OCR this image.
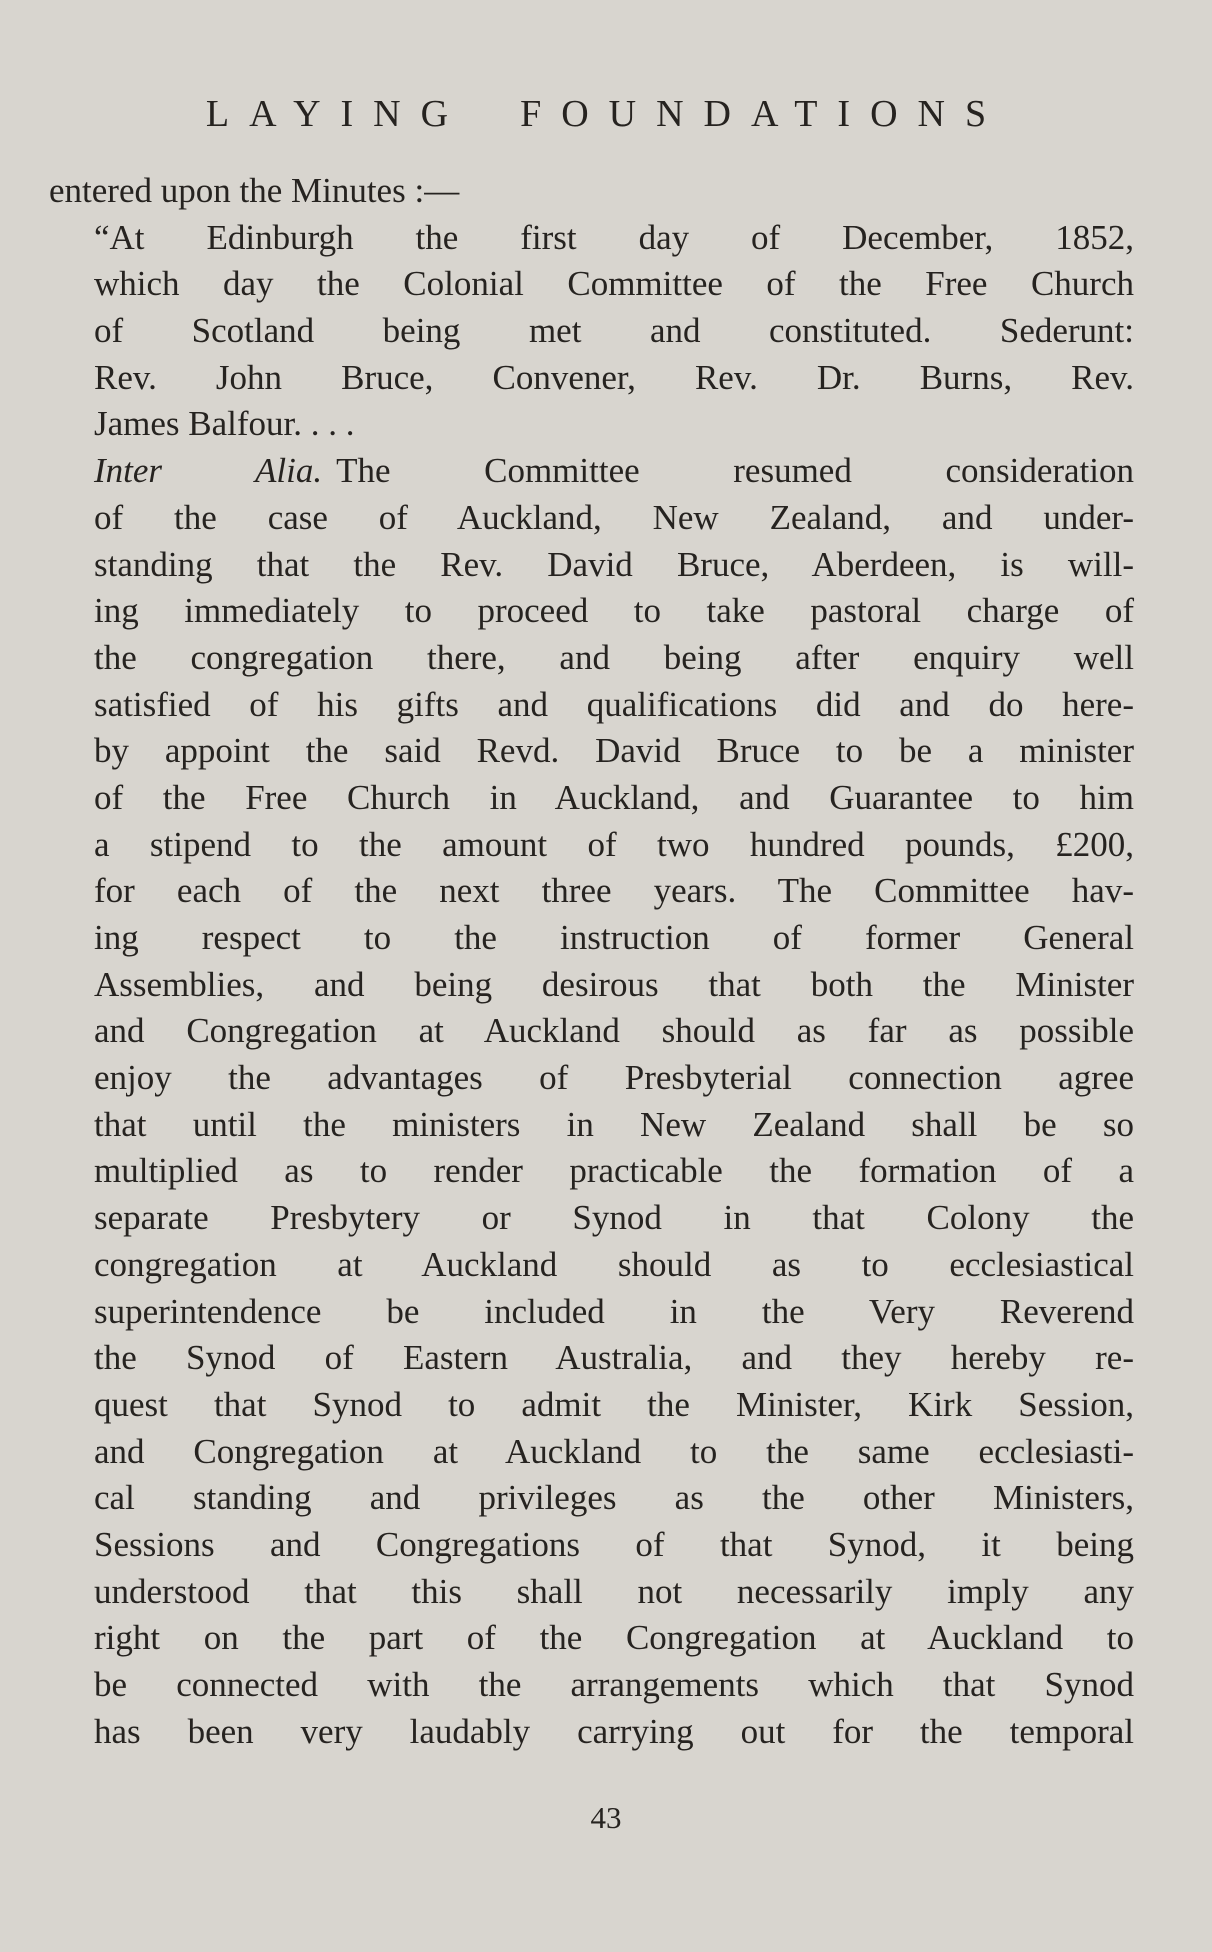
LAYING FOUNDATIONS
entered upon the Minutes :—
“At Edinburgh the first day of December, 1852,
which day the Colonial Committee of the Free Church
of Scotland being met and constituted. Sederunt:
Rev. John Bruce, Convener, Rev. Dr. Burns, Rev.
James Balfour. . . .
Inter Alia. The Committee resumed consideration
of the case of Auckland, New Zealand, and under-
standing that the Rev. David Bruce, Aberdeen, is will-
ing immediately to proceed to take pastoral charge of
the congregation there, and being after enquiry well
satisfied of his gifts and qualifications did and do here-
by appoint the said Revd. David Bruce to be a minister
of the Free Church in Auckland, and Guarantee to him
a stipend to the amount of two hundred pounds, £200,
for each of the next three years. The Committee hav-
ing respect to the instruction of former General
Assemblies, and being desirous that both the Minister
and Congregation at Auckland should as far as possible
enjoy the advantages of Presbyterial connection agree
that until the ministers in New Zealand shall be so
multiplied as to render practicable the formation of a
separate Presbytery or Synod in that Colony the
congregation at Auckland should as to ecclesiastical
superintendence be included in the Very Reverend
the Synod of Eastern Australia, and they hereby re-
quest that Synod to admit the Minister, Kirk Session,
and Congregation at Auckland to the same ecclesiasti-
cal standing and privileges as the other Ministers,
Sessions and Congregations of that Synod, it being
understood that this shall not necessarily imply any
right on the part of the Congregation at Auckland to
be connected with the arrangements which that Synod
has been very laudably carrying out for the temporal
43
